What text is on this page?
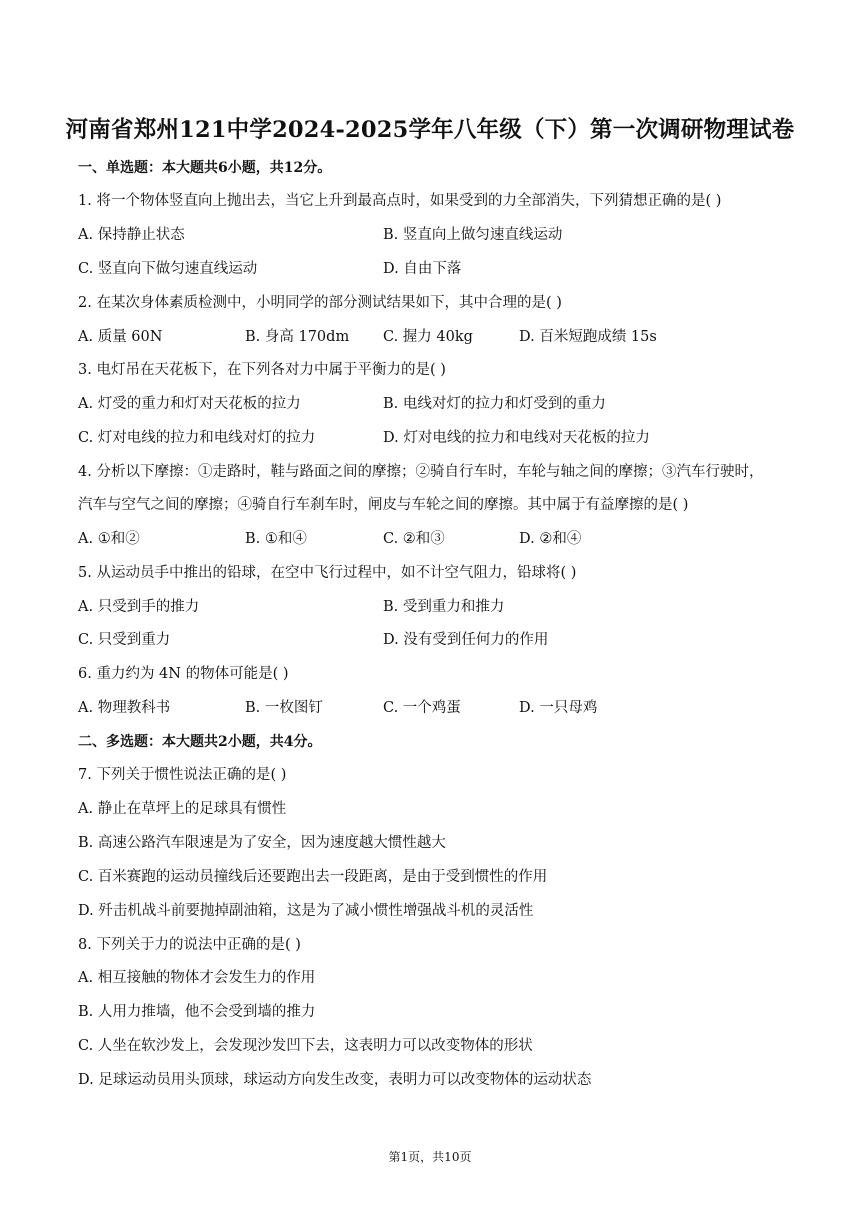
河南省郑州121中学2024-2025学年八年级（下）第一次调研物理试卷
一、单选题：本大题共6小题，共12分。
1. 将一个物体竖直向上抛出去，当它上升到最高点时，如果受到的力全部消失，下列猜想正确的是( )
A. 保持静止状态	B. 竖直向上做匀速直线运动
C. 竖直向下做匀速直线运动	D. 自由下落
2. 在某次身体素质检测中，小明同学的部分测试结果如下，其中合理的是( )
A. 质量 60N	B. 身高 170dm C. 握力 40kg	D. 百米短跑成绩 15s
3. 电灯吊在天花板下，在下列各对力中属于平衡力的是( )
A. 灯受的重力和灯对天花板的拉力	B. 电线对灯的拉力和灯受到的重力
C. 灯对电线的拉力和电线对灯的拉力	D. 灯对电线的拉力和电线对天花板的拉力
4. 分析以下摩擦：①走路时，鞋与路面之间的摩擦；②骑自行车时，车轮与轴之间的摩擦；③汽车行驶时，
汽车与空气之间的摩擦；④骑自行车刹车时，闸皮与车轮之间的摩擦。其中属于有益摩擦的是( )
A. ①和②	B. ①和④	C. ②和③	D. ②和④
5. 从运动员手中推出的铅球，在空中飞行过程中，如不计空气阻力，铅球将( )
A. 只受到手的推力	B. 受到重力和推力
C. 只受到重力	D. 没有受到任何力的作用
6. 重力约为 4N 的物体可能是( )
A. 物理教科书	B. 一枚图钉	C. 一个鸡蛋	D. 一只母鸡
二、多选题：本大题共2小题，共4分。
7. 下列关于惯性说法正确的是( )
A. 静止在草坪上的足球具有惯性
B. 高速公路汽车限速是为了安全，因为速度越大惯性越大
C. 百米赛跑的运动员撞线后还要跑出去一段距离，是由于受到惯性的作用
D. 歼击机战斗前要抛掉副油箱，这是为了减小惯性增强战斗机的灵活性
8. 下列关于力的说法中正确的是( )
A. 相互接触的物体才会发生力的作用
B. 人用力推墙，他不会受到墙的推力
C. 人坐在软沙发上，会发现沙发凹下去，这表明力可以改变物体的形状
D. 足球运动员用头顶球，球运动方向发生改变，表明力可以改变物体的运动状态
第1页，共10页
